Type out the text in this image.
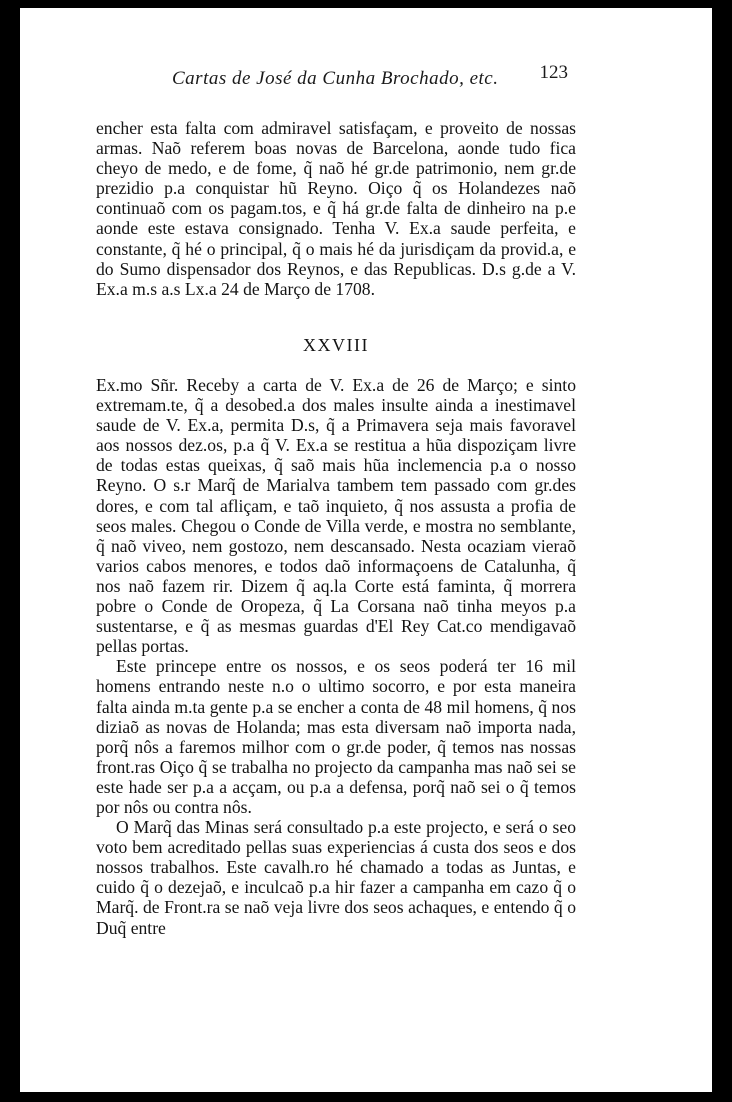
Cartas de José da Cunha Brochado, etc. 123

encher esta falta com admiravel satisfaçam, e proveito de nossas armas. Naõ referem boas novas de Barcelona, aonde tudo fica cheyo de medo, e de fome, q̃ naõ hé gr.de patrimonio, nem gr.de prezidio p.a conquistar hũ Reyno. Oiço q̃ os Holandezes naõ continuaõ com os pagam.tos, e q̃ há gr.de falta de dinheiro na p.e aonde este estava consignado. Tenha V. Ex.a saude perfeita, e constante, q̃ hé o principal, q̃ o mais hé da jurisdiçam da provid.a, e do Sumo dispensador dos Reynos, e das Republicas. D.s g.de a V. Ex.a m.s a.s Lx.a 24 de Março de 1708.

XXVIII

Ex.mo Sñr. Receby a carta de V. Ex.a de 26 de Março; e sinto extremam.te, q̃ a desobed.a dos males insulte ainda a inestimavel saude de V. Ex.a, permita D.s, q̃ a Primavera seja mais favoravel aos nossos dez.os, p.a q̃ V. Ex.a se restitua a hũa dispoziçam livre de todas estas queixas, q̃ saõ mais hũa inclemencia p.a o nosso Reyno. O s.r Marq̃ de Marialva tambem tem passado com gr.des dores, e com tal afliçam, e taõ inquieto, q̃ nos assusta a profia de seos males. Chegou o Conde de Villa verde, e mostra no semblante, q̃ naõ viveo, nem gostozo, nem descansado. Nesta ocaziam vieraõ varios cabos menores, e todos daõ informaçoens de Catalunha, q̃ nos naõ fazem rir. Dizem q̃ aq.la Corte está faminta, q̃ morrera pobre o Conde de Oropeza, q̃ La Corsana naõ tinha meyos p.a sustentarse, e q̃ as mesmas guardas d'El Rey Cat.co mendigavaõ pellas portas.

Este princepe entre os nossos, e os seos poderá ter 16 mil homens entrando neste n.o o ultimo socorro, e por esta maneira falta ainda m.ta gente p.a se encher a conta de 48 mil homens, q̃ nos diziaõ as novas de Holanda; mas esta diversam naõ importa nada, porq̃ nôs a faremos milhor com o gr.de poder, q̃ temos nas nossas front.ras Oiço q̃ se trabalha no projecto da campanha mas naõ sei se este hade ser p.a a acçam, ou p.a a defensa, porq̃ naõ sei o q̃ temos por nôs ou contra nôs.

O Marq̃ das Minas será consultado p.a este projecto, e será o seo voto bem acreditado pellas suas experiencias á custa dos seos e dos nossos trabalhos. Este cavalh.ro hé chamado a todas as Juntas, e cuido q̃ o dezejaõ, e inculcaõ p.a hir fazer a campanha em cazo q̃ o Marq̃. de Front.ra se naõ veja livre dos seos achaques, e entendo q̃ o Duq̃ entre
